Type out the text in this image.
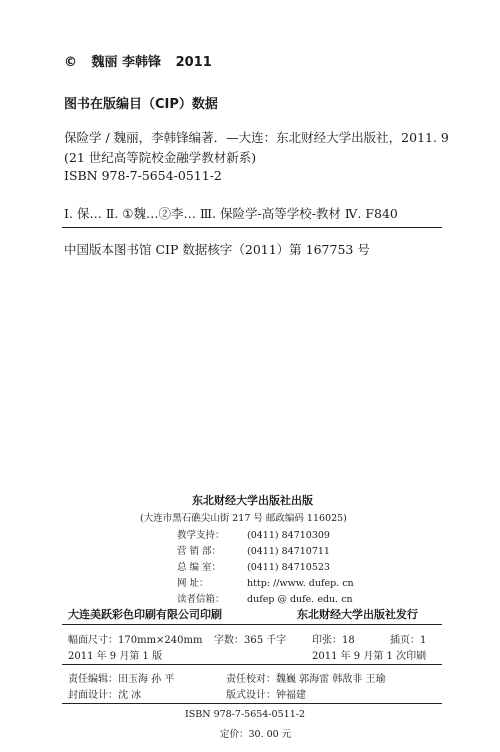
© 魏丽 李韩锋 2011
图书在版编目（CIP）数据
保险学 / 魏丽，李韩锋编著．—大连：东北财经大学出版社，2011. 9
(21 世纪高等院校金融学教材新系)
ISBN 978-7-5654-0511-2
Ⅰ. 保… Ⅱ. ①魏…②李… Ⅲ. 保险学-高等学校-教材 Ⅳ. F840
中国版本图书馆 CIP 数据核字（2011）第 167753 号
东北财经大学出版社出版
(大连市黑石礁尖山街 217 号 邮政编码 116025)
教学支持： (0411) 84710309
营 销 部：	(0411) 84710711
总 编 室：	(0411) 84710523
网 址：	http: //www. dufep. cn
读者信箱： dufep @ dufe. edu. cn
大连美跃彩色印刷有限公司印刷	东北财经大学出版社发行
幅面尺寸：170mm×240mm 字数：365 千字	印张：18	插页：1
2011 年 9 月第 1 版	2011 年 9 月第 1 次印刷
责任编辑：田玉海 孙 平	责任校对：魏巍 郭海雷 韩敌非 王瑜
封面设计：沈 冰	版式设计：钟福建
ISBN 978-7-5654-0511-2
定价：30. 00 元
